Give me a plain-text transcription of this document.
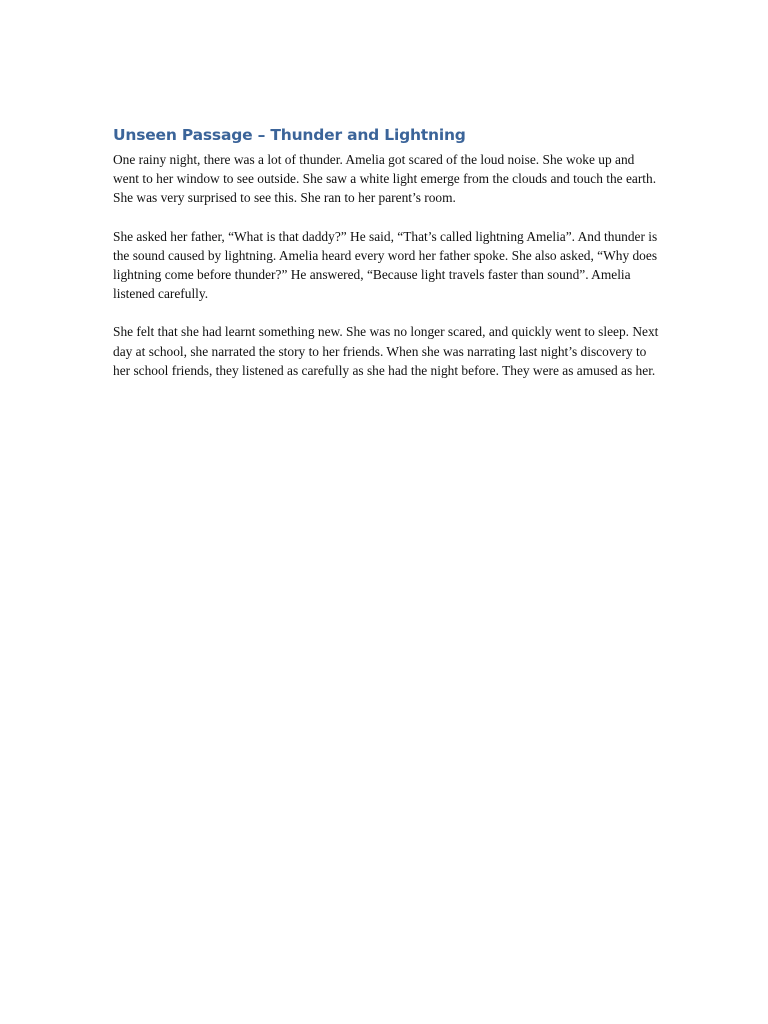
Unseen Passage – Thunder and Lightning

One rainy night, there was a lot of thunder. Amelia got scared of the loud noise. She woke up and went to her window to see outside. She saw a white light emerge from the clouds and touch the earth. She was very surprised to see this. She ran to her parent’s room.

She asked her father, “What is that daddy?” He said, “That’s called lightning Amelia”. And thunder is the sound caused by lightning. Amelia heard every word her father spoke. She also asked, “Why does lightning come before thunder?” He answered, “Because light travels faster than sound”. Amelia listened carefully.

She felt that she had learnt something new. She was no longer scared, and quickly went to sleep. Next day at school, she narrated the story to her friends. When she was narrating last night’s discovery to her school friends, they listened as carefully as she had the night before. They were as amused as her.
